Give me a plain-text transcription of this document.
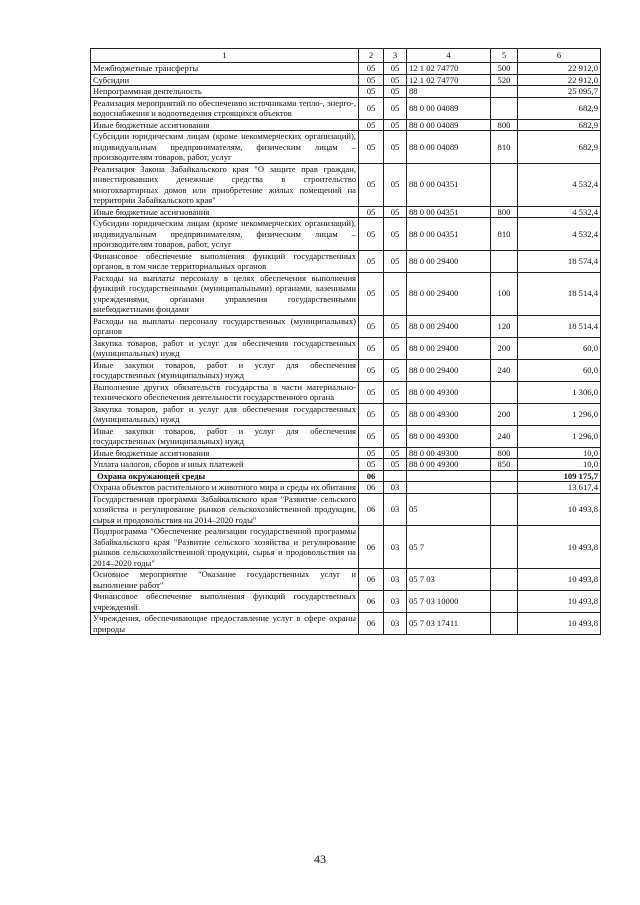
1	2	3	4	5	6
Межбюджетные трансферты	05	05	12 1 02 74770	500	22 912,0
Субсидии	05	05	12 1 02 74770	520	22 912,0
Непрограммная деятельность	05	05	88		25 095,7
Реализация мероприятий по обеспечению источниками тепло-, энерго-, водоснабжения и водоотведения строящихся объектов	05	05	88 0 00 04089		682,9
Иные бюджетные ассигнования	05	05	88 0 00 04089	800	682,9
Субсидии юридическим лицам (кроме некоммерческих организаций), индивидуальным предпринимателям, физическим лицам – производителям товаров, работ, услуг	05	05	88 0 00 04089	810	682,9
Реализация Закона Забайкальского края "О защите прав граждан, инвестировавших денежные средства в строительство многоквартирных домов или приобретение жилых помещений на территории Забайкальского края"	05	05	88 0 00 04351		4 532,4
Иные бюджетные ассигнования	05	05	88 0 00 04351	800	4 532,4
Субсидии юридическим лицам (кроме некоммерческих организаций), индивидуальным предпринимателям, физическим лицам – производителям товаров, работ, услуг	05	05	88 0 00 04351	810	4 532,4
Финансовое обеспечение выполнения функций государственных органов, в том числе территориальных органов	05	05	88 0 00 29400		18 574,4
Расходы на выплаты персоналу в целях обеспечения выполнения функций государственными (муниципальными) органами, казенными учреждениями, органами управления государственными внебюджетными фондами	05	05	88 0 00 29400	100	18 514,4
Расходы на выплаты персоналу государственных (муниципальных) органов	05	05	88 0 00 29400	120	18 514,4
Закупка товаров, работ и услуг для обеспечения государственных (муниципальных) нужд	05	05	88 0 00 29400	200	60,0
Иные закупки товаров, работ и услуг для обеспечения государственных (муниципальных) нужд	05	05	88 0 00 29400	240	60,0
Выполнение других обязательств государства в части материально-технического обеспечения деятельности государственного органа	05	05	88 0 00 49300		1 306,0
Закупка товаров, работ и услуг для обеспечения государственных (муниципальных) нужд	05	05	88 0 00 49300	200	1 296,0
Иные закупки товаров, работ и услуг для обеспечения государственных (муниципальных) нужд	05	05	88 0 00 49300	240	1 296,0
Иные бюджетные ассигнования	05	05	88 0 00 49300	800	10,0
Уплата налогов, сборов и иных платежей	05	05	88 0 00 49300	850	10,0
Охрана окружающей среды	06				109 175,7
Охрана объектов растительного и животного мира и среды их обитания	06	03			13 617,4
Государственная программа Забайкальского края "Развитие сельского хозяйства и регулирование рынков сельскохозяйственной продукции, сырья и продовольствия на 2014–2020 годы"	06	03	05		10 493,8
Подпрограмма "Обеспечение реализации государственной программы Забайкальского края "Развитие сельского хозяйства и регулирование рынков сельскохозяйственной продукции, сырья и продовольствия на 2014–2020 годы"	06	03	05 7		10 493,8
Основное мероприятие "Оказание государственных услуг и выполнение работ"	06	03	05 7 03		10 493,8
Финансовое обеспечение выполнения функций государственных учреждений	06	03	05 7 03 10000		10 493,8
Учреждения, обеспечивающие предоставление услуг в сфере охраны природы	06	03	05 7 03 17411		10 493,8
43
